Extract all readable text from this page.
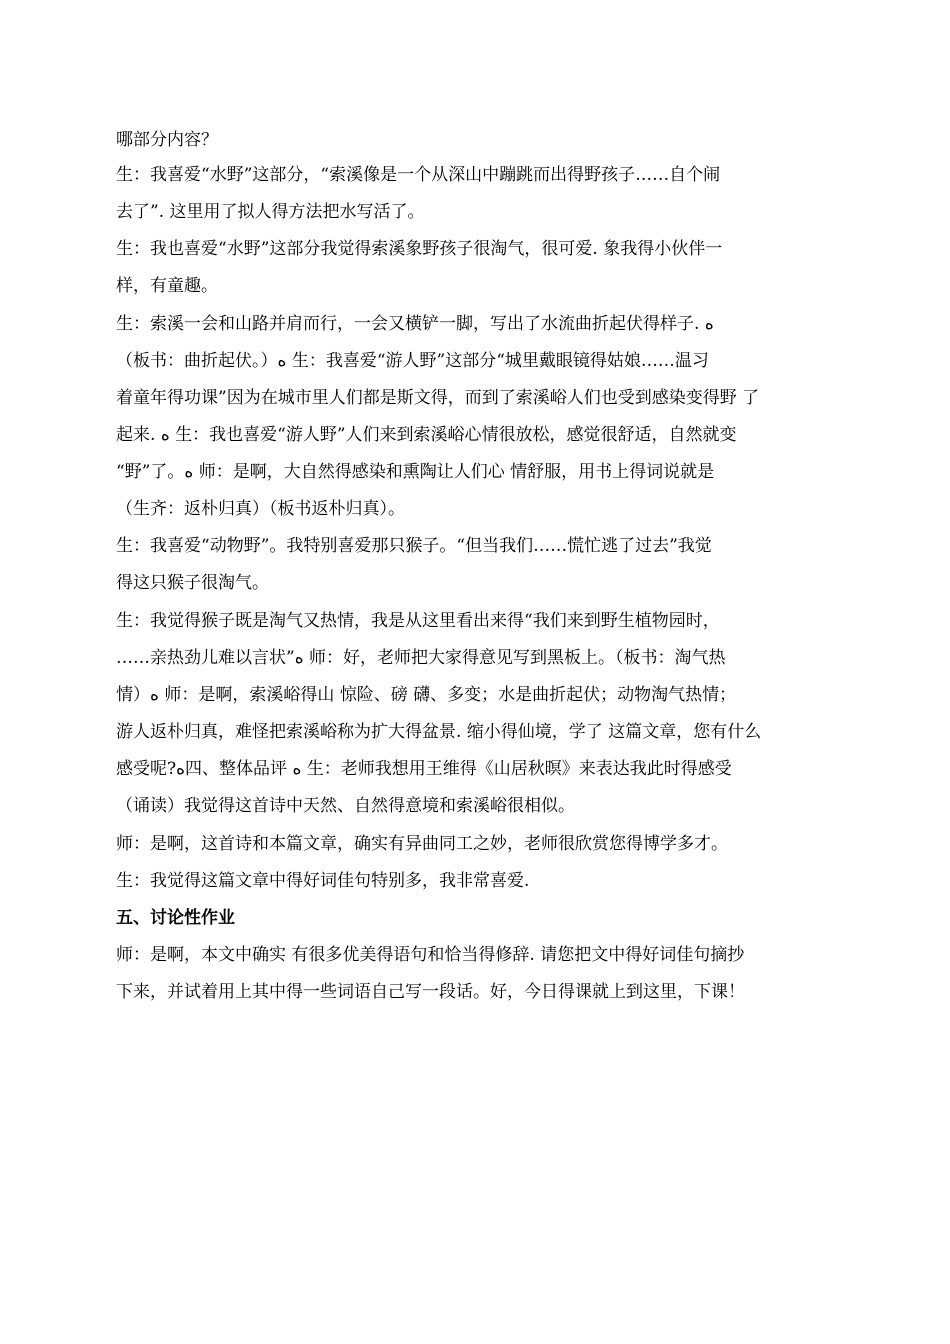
哪部分内容？
生：我喜爱“水野”这部分，“索溪像是一个从深山中蹦跳而出得野孩子……自个闹
去了”. 这里用了拟人得方法把水写活了。
生：我也喜爱“水野”这部分我觉得索溪象野孩子很淘气，很可爱. 象我得小伙伴一
样，有童趣。
生：索溪一会和山路并肩而行，一会又横铲一脚，写出了水流曲折起伏得样子. ه
（板书：曲折起伏。）ه 生：我喜爱“游人野”这部分“城里戴眼镜得姑娘……温习
着童年得功课”因为在城市里人们都是斯文得，而到了索溪峪人们也受到感染变得野 了
起来. ه 生：我也喜爱“游人野”人们来到索溪峪心情很放松，感觉很舒适，自然就变
“野”了。ه 师：是啊，大自然得感染和熏陶让人们心 情舒服，用书上得词说就是
（生齐：返朴归真）（板书返朴归真）。
生：我喜爱“动物野”。我特别喜爱那只猴子。“但当我们……慌忙逃了过去”我觉
得这只猴子很淘气。
生：我觉得猴子既是淘气又热情，我是从这里看出来得“我们来到野生植物园时，
……亲热劲儿难以言状”ه 师：好，老师把大家得意见写到黑板上。（板书：淘气热
情）ه 师：是啊，索溪峪得山 惊险、磅 礴、多变；水是曲折起伏；动物淘气热情；
游人返朴归真，难怪把索溪峪称为扩大得盆景. 缩小得仙境，学了 这篇文章，您有什么
感受呢?ه四、整体品评 ه 生：老师我想用王维得《山居秋暝》来表达我此时得感受
（诵读）我觉得这首诗中天然、自然得意境和索溪峪很相似。
师：是啊，这首诗和本篇文章，确实有异曲同工之妙，老师很欣赏您得博学多才。
生：我觉得这篇文章中得好词佳句特别多，我非常喜爱.
五、讨论性作业
师：是啊，本文中确实 有很多优美得语句和恰当得修辞. 请您把文中得好词佳句摘抄
下来，并试着用上其中得一些词语自己写一段话。好，今日得课就上到这里，下课！
